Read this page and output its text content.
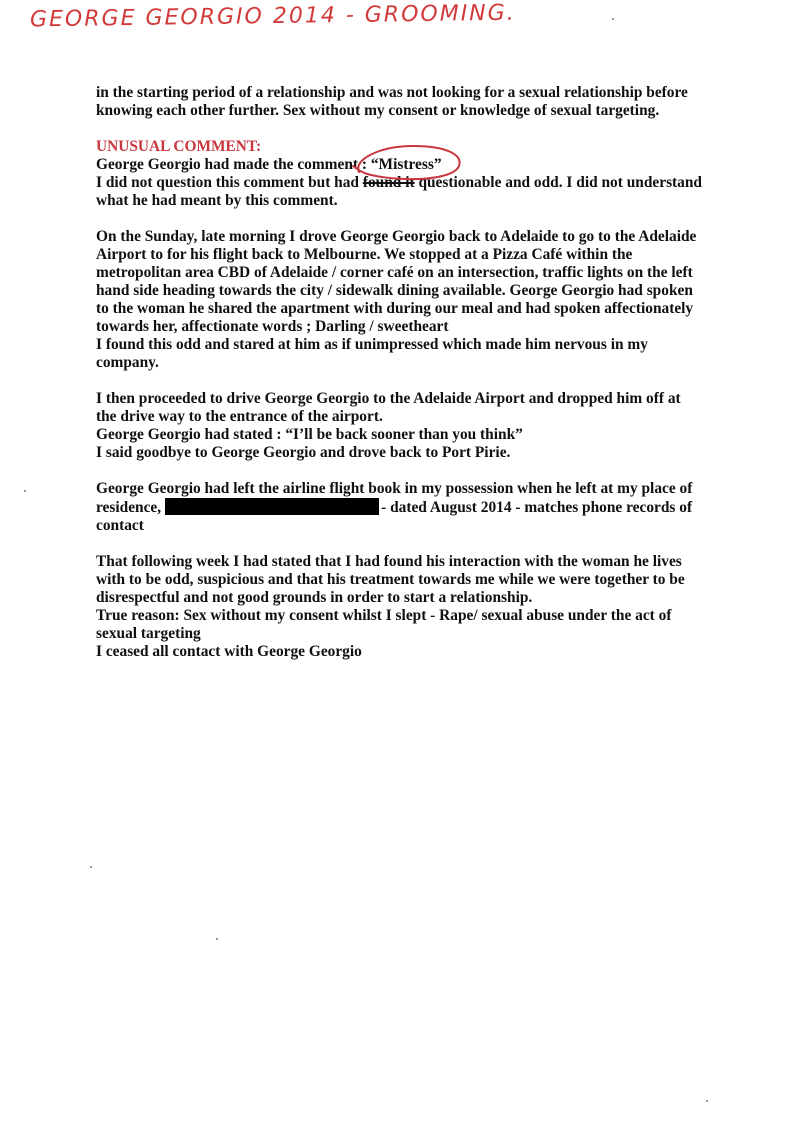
GEORGE GEORGIO 2014 - GROOMING.
in the starting period of a relationship and was not looking for a sexual relationship before
knowing each other further. Sex without my consent or knowledge of sexual targeting.
UNUSUAL COMMENT:
George Georgio had made the comment :
“Mistress”
I did not question this comment but had found it questionable and odd. I did not understand
what he had meant by this comment.
On the Sunday, late morning I drove George Georgio back to Adelaide to go to the Adelaide
Airport to for his flight back to Melbourne. We stopped at a Pizza Café within the
metropolitan area CBD of Adelaide / corner café on an intersection, traffic lights on the left
hand side heading towards the city / sidewalk dining available. George Georgio had spoken
to the woman he shared the apartment with during our meal and had spoken affectionately
towards her, affectionate words ; Darling / sweetheart
I found this odd and stared at him as if unimpressed which made him nervous in my
company.
I then proceeded to drive George Georgio to the Adelaide Airport and dropped him off at
the drive way to the entrance of the airport.
George Georgio had stated : “I’ll be back sooner than you think”
I said goodbye to George Georgio and drove back to Port Pirie.
George Georgio had left the airline flight book in my possession when he left at my place of
residence,	- dated August 2014 - matches phone records of
contact
That following week I had stated that I had found his interaction with the woman he lives
with to be odd, suspicious and that his treatment towards me while we were together to be
disrespectful and not good grounds in order to start a relationship.
True reason: Sex without my consent whilst I slept - Rape/ sexual abuse under the act of
sexual targeting
I ceased all contact with George Georgio
